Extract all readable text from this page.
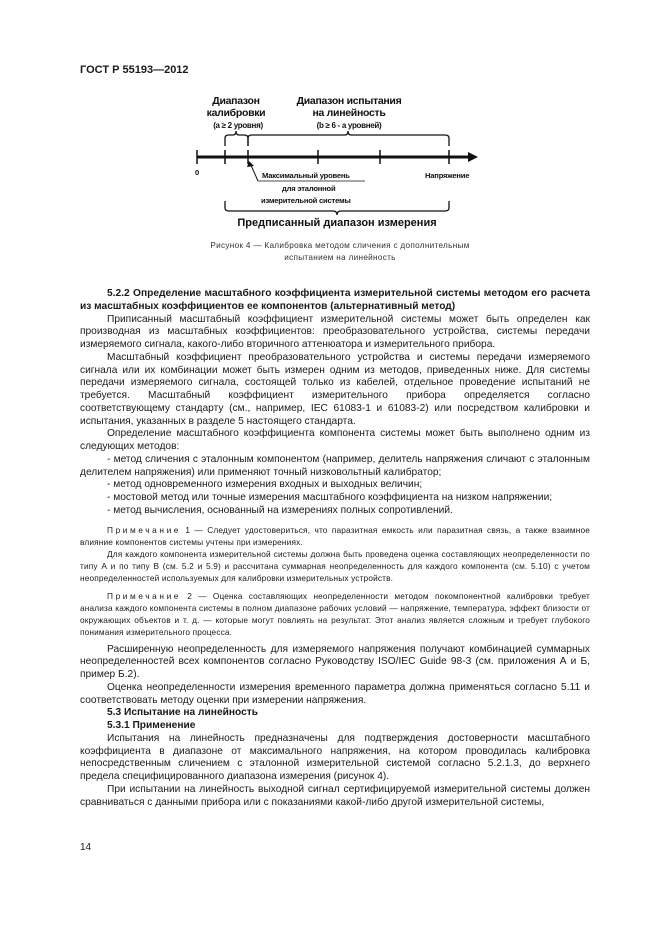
ГОСТ Р 55193—2012
Диапазон
калибровки
(a ≥ 2 уровня)
Диапазон испытания
на линейность
(b ≥ 6 - a уровней)
0	Напряжение
Максимальный уровень
для эталонной
измерительной системы
Предписанный диапазон измерения
Рисунок 4 — Калибровка методом сличения с дополнительным
испытанием на линейность

5.2.2 Определение масштабного коэффициента измерительной системы методом его расчета из масштабных коэффициентов ее компонентов (альтернативный метод)

Приписанный масштабный коэффициент измерительной системы может быть определен как производная из масштабных коэффициентов: преобразовательного устройства, системы передачи измеряемого сигнала, какого-либо вторичного аттенюатора и измерительного прибора.

Масштабный коэффициент преобразовательного устройства и системы передачи измеряемого сигнала или их комбинации может быть измерен одним из методов, приведенных ниже. Для системы передачи измеряемого сигнала, состоящей только из кабелей, отдельное проведение испытаний не требуется. Масштабный коэффициент измерительного прибора определяется согласно соответствующему стандарту (см., например, IEC 61083-1 и 61083-2) или посредством калибровки и испытания, указанных в разделе 5 настоящего стандарта.

Определение масштабного коэффициента компонента системы может быть выполнено одним из следующих методов:

- метод сличения с эталонным компонентом (например, делитель напряжения сличают с эталонным делителем напряжения) или применяют точный низковольтный калибратор;

- метод одновременного измерения входных и выходных величин;

- мостовой метод или точные измерения масштабного коэффициента на низком напряжении;

- метод вычисления, основанный на измерениях полных сопротивлений.

Примечание 1 — Следует удостовериться, что паразитная емкость или паразитная связь, а также взаимное влияние компонентов системы учтены при измерениях.

Для каждого компонента измерительной системы должна быть проведена оценка составляющих неопределенности по типу А и по типу В (см. 5.2 и 5.9) и рассчитана суммарная неопределенность для каждого компонента (см. 5.10) с учетом неопределенностей используемых для калибровки измерительных устройств.

Примечание 2 — Оценка составляющих неопределенности методом покомпонентной калибровки требует анализа каждого компонента системы в полном диапазоне рабочих условий — напряжение, температура, эффект близости от окружающих объектов и т. д. — которые могут повлиять на результат. Этот анализ является сложным и требует глубокого понимания измерительного процесса.

Расширенную неопределенность для измеряемого напряжения получают комбинацией суммарных неопределенностей всех компонентов согласно Руководству ISO/IEC Guide 98-3 (см. приложения А и Б, пример Б.2).

Оценка неопределенности измерения временного параметра должна применяться согласно 5.11 и соответствовать методу оценки при измерении напряжения.

5.3 Испытание на линейность

5.3.1 Применение

Испытания на линейность предназначены для подтверждения достоверности масштабного коэффициента в диапазоне от максимального напряжения, на котором проводилась калибровка непосредственным сличением с эталонной измерительной системой согласно 5.2.1.3, до верхнего предела специфицированного диапазона измерения (рисунок 4).

При испытании на линейность выходной сигнал сертифицируемой измерительной системы должен сравниваться с данными прибора или с показаниями какой-либо другой измерительной системы,

14
